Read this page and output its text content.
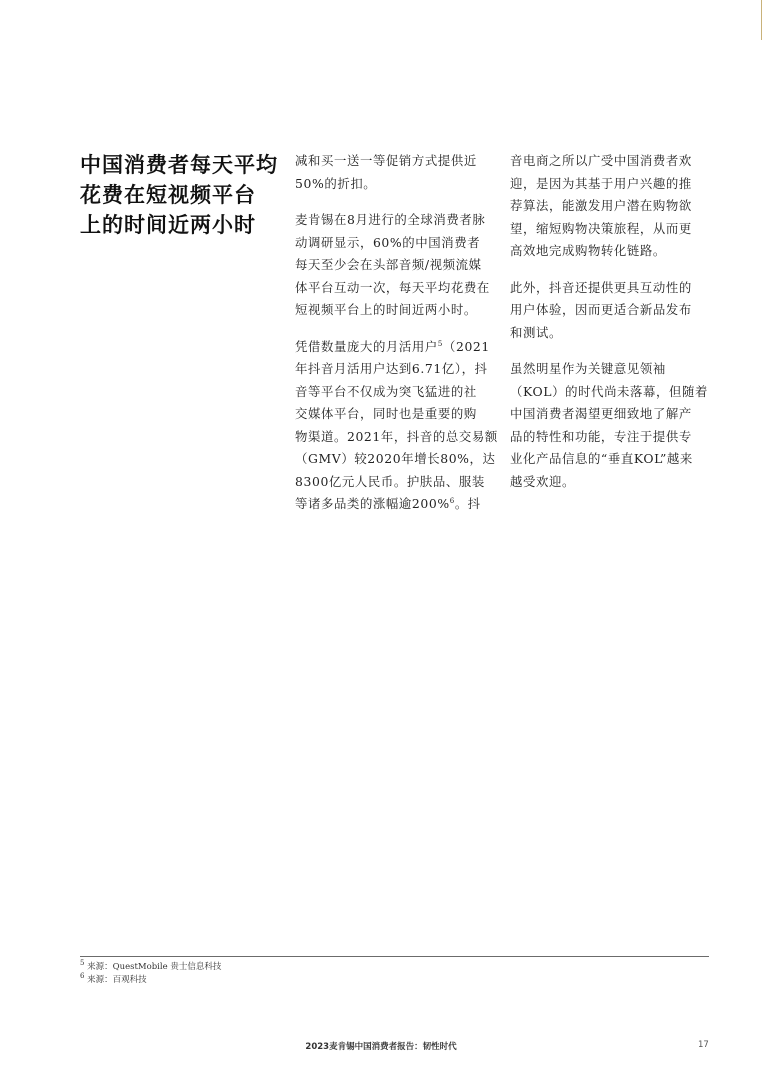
中国消费者每天平均
花费在短视频平台
上的时间近两小时

减和买一送一等促销方式提供近
50%的折扣。

麦肯锡在8月进行的全球消费者脉
动调研显示，60%的中国消费者
每天至少会在头部音频/视频流媒
体平台互动一次，每天平均花费在
短视频平台上的时间近两小时。

凭借数量庞大的月活用户$^5$（2021
年抖音月活用户达到6.71亿），抖
音等平台不仅成为突飞猛进的社
交媒体平台，同时也是重要的购
物渠道。2021年，抖音的总交易额
（GMV）较2020年增长80%，达
8300亿元人民币。护肤品、服装
等诸多品类的涨幅逾200%$^6$。抖

音电商之所以广受中国消费者欢
迎，是因为其基于用户兴趣的推
荐算法，能激发用户潜在购物欲
望，缩短购物决策旅程，从而更
高效地完成购物转化链路。

此外，抖音还提供更具互动性的
用户体验，因而更适合新品发布
和测试。

虽然明星作为关键意见领袖
（KOL）的时代尚未落幕，但随着
中国消费者渴望更细致地了解产
品的特性和功能，专注于提供专
业化产品信息的“垂直KOL”越来
越受欢迎。

$^5$ 来源：QuestMobile 贵士信息科技
$^6$ 来源：百观科技
2023麦肯锡中国消费者报告：韧性时代	17
